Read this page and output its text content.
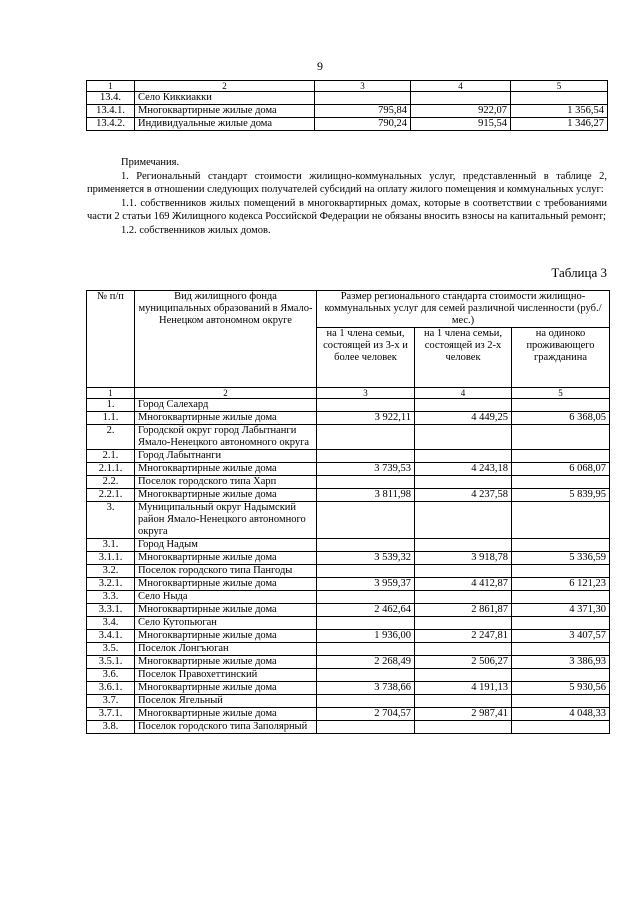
9
1	2	3	4	5
13.4.	Село Киккиакки			
13.4.1.	Многоквартирные жилые дома	795,84	922,07	1 356,54
13.4.2.	Индивидуальные жилые дома	790,24	915,54	1 346,27

Примечания.

1. Региональный стандарт стоимости жилищно-коммунальных услуг, представленный в таблице 2, применяется в отношении следующих получателей субсидий на оплату жилого помещения и коммунальных услуг:

1.1. собственников жилых помещений в многоквартирных домах, которые в соответствии с требованиями части 2 статьи 169 Жилищного кодекса Российской Федерации не обязаны вносить взносы на капитальный ремонт;

1.2. собственников жилых домов.

Таблица 3
№ п/п	Вид жилищного фонда муниципальных образований в Ямало-Ненецком автономном округе	Размер регионального стандарта стоимости жилищно-коммунальных услуг для семей различной численности (руб./мес.)		
		на 1 члена семьи, состоящей из 3-х и более человек	на 1 члена семьи, состоящей из 2-х человек	на одиноко проживающего гражданина
1	2	3	4	5
1.	Город Салехард			
1.1.	Многоквартирные жилые дома	3 922,11	4 449,25	6 368,05
2.	Городской округ город Лабытнанги Ямало-Ненецкого автономного округа			
2.1.	Город Лабытнанги			
2.1.1.	Многоквартирные жилые дома	3 739,53	4 243,18	6 068,07
2.2.	Поселок городского типа Харп			
2.2.1.	Многоквартирные жилые дома	3 811,98	4 237,58	5 839,95
3.	Муниципальный округ Надымский район Ямало-Ненецкого автономного округа			
3.1.	Город Надым			
3.1.1.	Многоквартирные жилые дома	3 539,32	3 918,78	5 336,59
3.2.	Поселок городского типа Пангоды			
3.2.1.	Многоквартирные жилые дома	3 959,37	4 412,87	6 121,23
3.3.	Село Ныда			
3.3.1.	Многоквартирные жилые дома	2 462,64	2 861,87	4 371,30
3.4.	Село Кутопьюган			
3.4.1.	Многоквартирные жилые дома	1 936,00	2 247,81	3 407,57
3.5.	Поселок Лонгъюган			
3.5.1.	Многоквартирные жилые дома	2 268,49	2 506,27	3 386,93
3.6.	Поселок Правохеттинский			
3.6.1.	Многоквартирные жилые дома	3 738,66	4 191,13	5 930,56
3.7.	Поселок Ягельный			
3.7.1.	Многоквартирные жилые дома	2 704,57	2 987,41	4 048,33
3.8.	Поселок городского типа Заполярный			
